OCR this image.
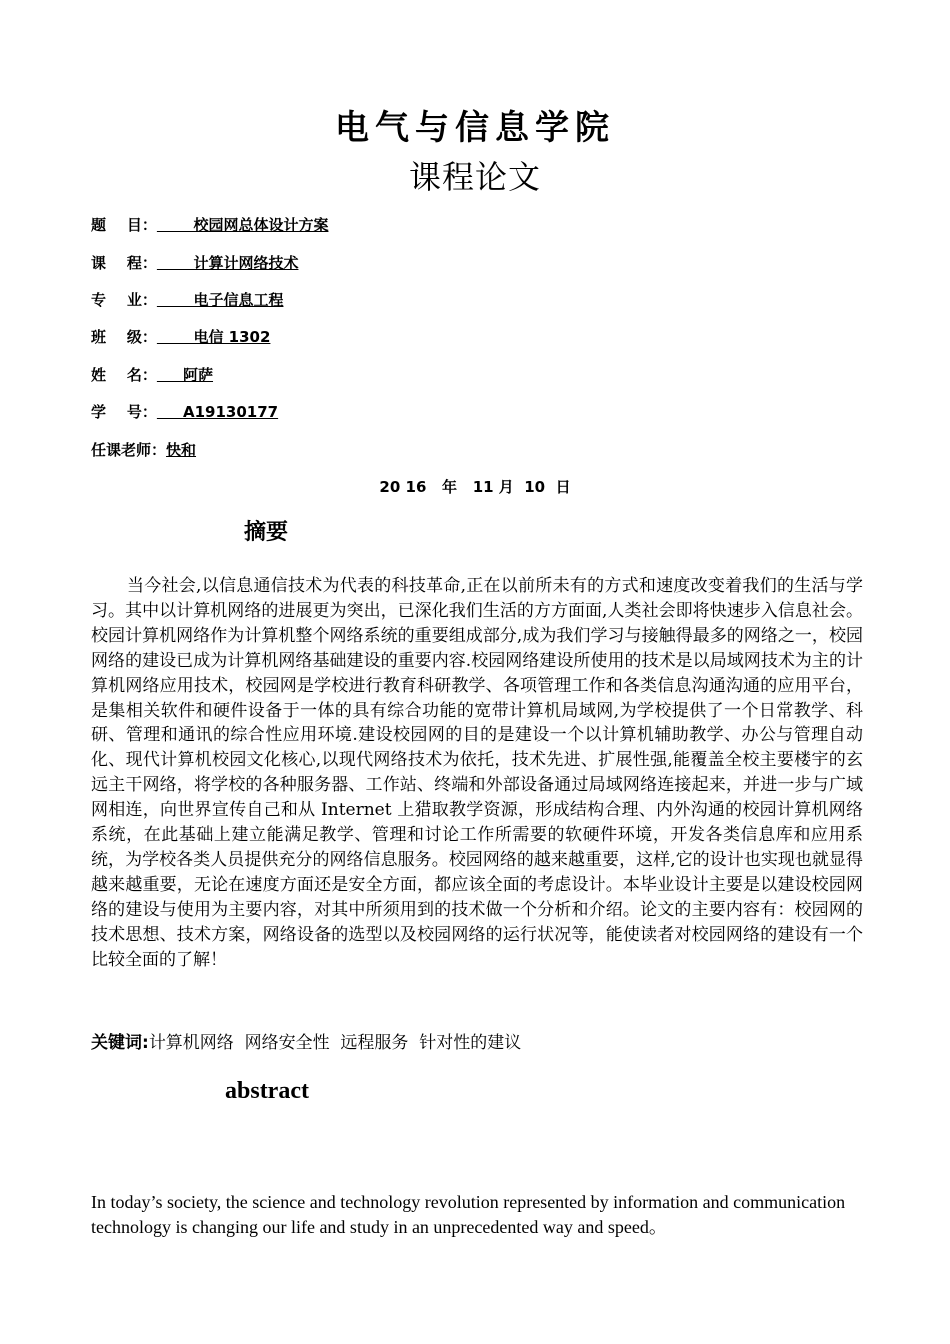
电气与信息学院
课程论文
题    目：       校园网总体设计方案
课    程：       计算计网络技术
专    业：       电子信息工程
班    级：       电信 1302
姓    名：     阿萨
学    号：     A19130177
任课老师：快和
20 16   年   11 月  10  日
摘要
当今社会,以信息通信技术为代表的科技革命,正在以前所未有的方式和速度改变着我们的生活与学习。其中以计算机网络的进展更为突出，已深化我们生活的方方面面,人类社会即将快速步入信息社会。校园计算机网络作为计算机整个网络系统的重要组成部分,成为我们学习与接触得最多的网络之一，校园网络的建设已成为计算机网络基础建设的重要内容.校园网络建设所使用的技术是以局域网技术为主的计算机网络应用技术，校园网是学校进行教育科研教学、各项管理工作和各类信息沟通沟通的应用平台，是集相关软件和硬件设备于一体的具有综合功能的宽带计算机局域网,为学校提供了一个日常教学、科研、管理和通讯的综合性应用环境.建设校园网的目的是建设一个以计算机辅助教学、办公与管理自动化、现代计算机校园文化核心,以现代网络技术为依托，技术先进、扩展性强,能覆盖全校主要楼宇的玄远主干网络，将学校的各种服务器、工作站、终端和外部设备通过局域网络连接起来，并进一步与广域网相连，向世界宣传自己和从 Internet 上猎取教学资源，形成结构合理、内外沟通的校园计算机网络系统，在此基础上建立能满足教学、管理和讨论工作所需要的软硬件环境，开发各类信息库和应用系统，为学校各类人员提供充分的网络信息服务。校园网络的越来越重要，这样,它的设计也实现也就显得越来越重要，无论在速度方面还是安全方面，都应该全面的考虑设计。本毕业设计主要是以建设校园网络的建设与使用为主要内容，对其中所须用到的技术做一个分析和介绍。论文的主要内容有：校园网的技术思想、技术方案，网络设备的选型以及校园网络的运行状况等，能使读者对校园网络的建设有一个比较全面的了解！
关键词:计算机网络  网络安全性  远程服务  针对性的建议
abstract
In today’s society, the science and technology revolution represented by information and communication technology is changing our life and study in an unprecedented way and speed。
